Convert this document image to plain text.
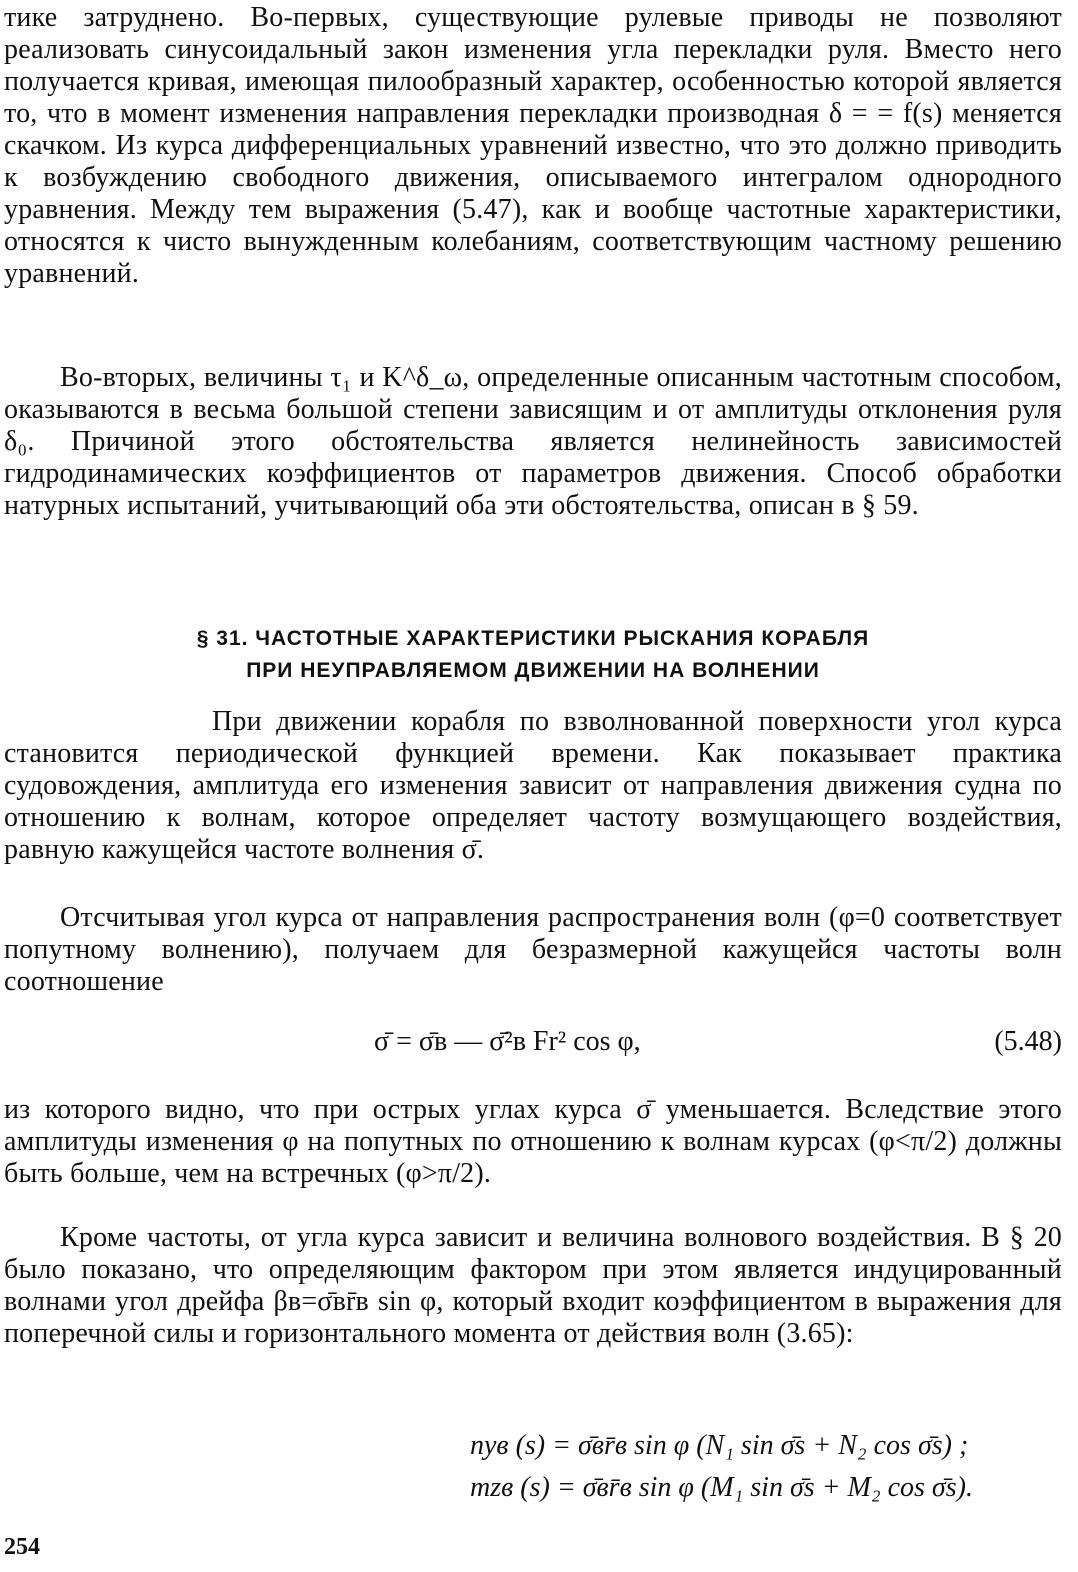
тике затруднено. Во-первых, существующие рулевые приводы не позволяют реализовать синусоидальный закон изменения угла перекладки руля. Вместо него получается кривая, имеющая пилообразный характер, особенностью которой является то, что в момент изменения направления перекладки производная δ = = f(s) меняется скачком. Из курса дифференциальных уравнений известно, что это должно приводить к возбуждению свободного движения, описываемого интегралом однородного уравнения. Между тем выражения (5.47), как и вообще частотные характеристики, относятся к чисто вынужденным колебаниям, соответствующим частному решению уравнений.

Во-вторых, величины τ₁ и K^δ_ω, определенные описанным частотным способом, оказываются в весьма большой степени зависящим и от амплитуды отклонения руля δ₀. Причиной этого обстоятельства является нелинейность зависимостей гидродинамических коэффициентов от параметров движения. Способ обработки натурных испытаний, учитывающий оба эти обстоятельства, описан в § 59.

§ 31. ЧАСТОТНЫЕ ХАРАКТЕРИСТИКИ РЫСКАНИЯ КОРАБЛЯ
ПРИ НЕУПРАВЛЯЕМОМ ДВИЖЕНИИ НА ВОЛНЕНИИ

При движении корабля по взволнованной поверхности угол курса становится периодической функцией времени. Как показывает практика судовождения, амплитуда его изменения зависит от направления движения судна по отношению к волнам, которое определяет частоту возмущающего воздействия, равную кажущейся частоте волнения σ̄.

Отсчитывая угол курса от направления распространения волн (φ=0 соответствует попутному волнению), получаем для безразмерной кажущейся частоты волн соотношение

σ̄ = σ̄в — σ̄²в Fr² cos φ,	(5.48)

из которого видно, что при острых углах курса σ̄ уменьшается. Вследствие этого амплитуды изменения φ на попутных по отношению к волнам курсах (φ<π/2) должны быть больше, чем на встречных (φ>π/2).

Кроме частоты, от угла курса зависит и величина волнового воздействия. В § 20 было показано, что определяющим фактором при этом является индуцированный волнами угол дрейфа βв=σ̄вr̄в sin φ, который входит коэффициентом в выражения для поперечной силы и горизонтального момента от действия волн (3.65):

nyв (s) = σ̄вr̄в sin φ (N₁ sin σ̄s + N₂ cos σ̄s) ;
mzв (s) = σ̄вr̄в sin φ (M₁ sin σ̄s + M₂ cos σ̄s).
254
